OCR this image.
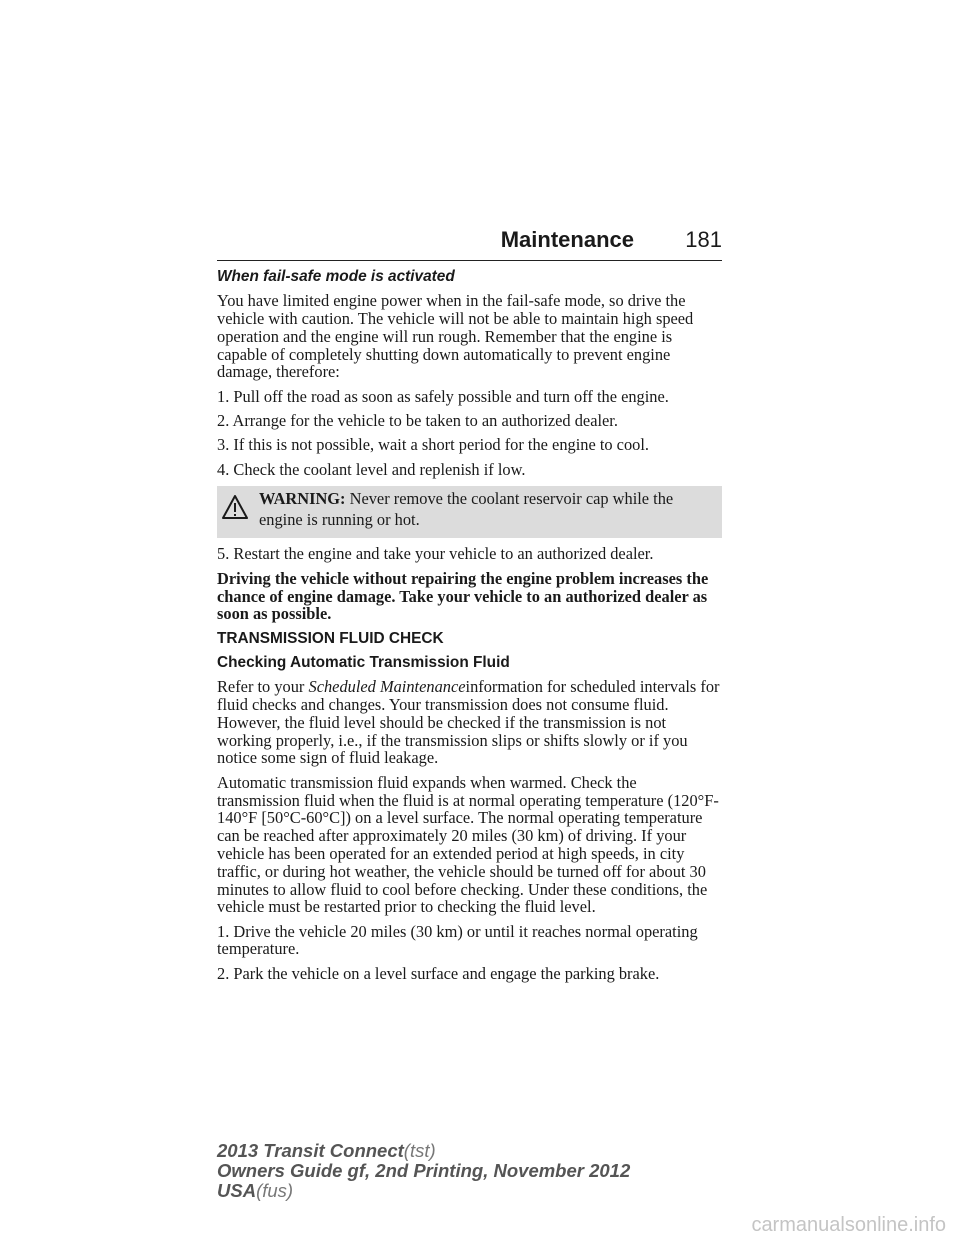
Maintenance 181

When fail-safe mode is activated

You have limited engine power when in the fail-safe mode, so drive the vehicle with caution. The vehicle will not be able to maintain high speed operation and the engine will run rough. Remember that the engine is capable of completely shutting down automatically to prevent engine damage, therefore:

1. Pull off the road as soon as safely possible and turn off the engine.

2. Arrange for the vehicle to be taken to an authorized dealer.

3. If this is not possible, wait a short period for the engine to cool.

4. Check the coolant level and replenish if low.

WARNING: Never remove the coolant reservoir cap while the engine is running or hot.

5. Restart the engine and take your vehicle to an authorized dealer.

Driving the vehicle without repairing the engine problem increases the chance of engine damage. Take your vehicle to an authorized dealer as soon as possible.

TRANSMISSION FLUID CHECK

Checking Automatic Transmission Fluid

Refer to your Scheduled Maintenanceinformation for scheduled intervals for fluid checks and changes. Your transmission does not consume fluid. However, the fluid level should be checked if the transmission is not working properly, i.e., if the transmission slips or shifts slowly or if you notice some sign of fluid leakage.

Automatic transmission fluid expands when warmed. Check the transmission fluid when the fluid is at normal operating temperature (120°F-140°F [50°C-60°C]) on a level surface. The normal operating temperature can be reached after approximately 20 miles (30 km) of driving. If your vehicle has been operated for an extended period at high speeds, in city traffic, or during hot weather, the vehicle should be turned off for about 30 minutes to allow fluid to cool before checking. Under these conditions, the vehicle must be restarted prior to checking the fluid level.

1. Drive the vehicle 20 miles (30 km) or until it reaches normal operating temperature.

2. Park the vehicle on a level surface and engage the parking brake.

2013 Transit Connect(tst)
Owners Guide gf, 2nd Printing, November 2012
USA(fus)
carmanualsonline.info
